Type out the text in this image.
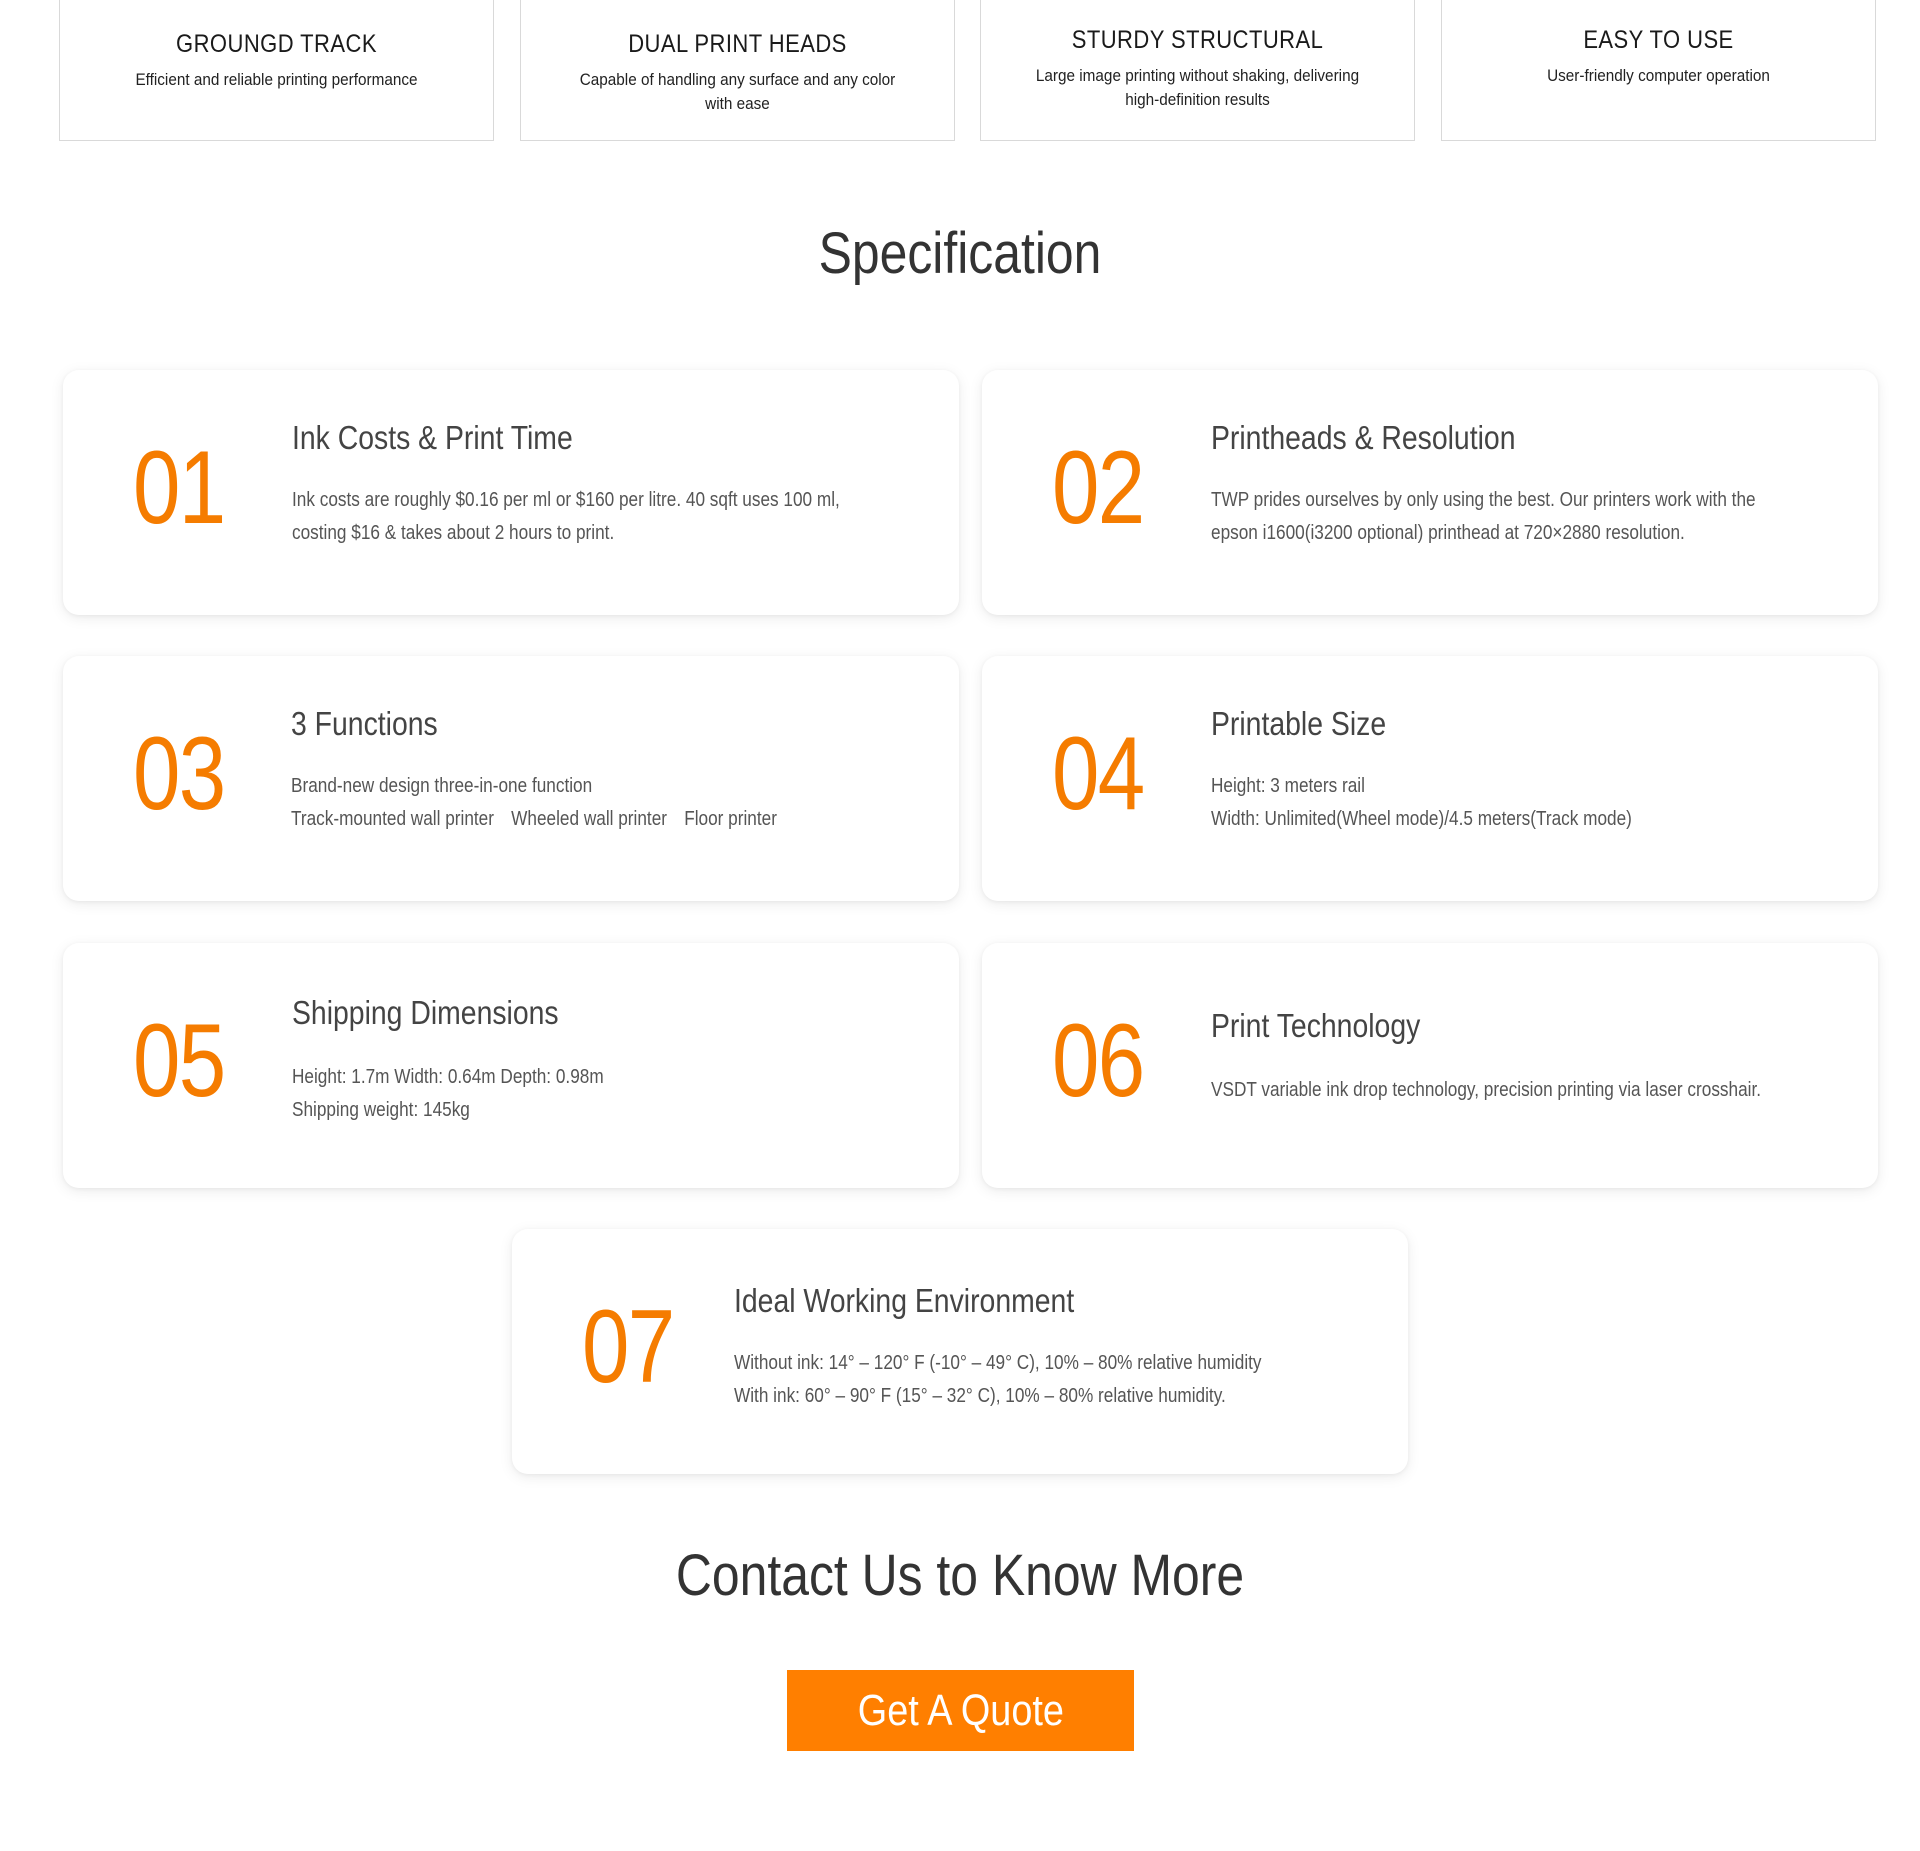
GROUNGD TRACK
Efficient and reliable printing performance
DUAL PRINT HEADS
Capable of handling any surface and any color with ease
STURDY STRUCTURAL
Large image printing without shaking, delivering high-definition results
EASY TO USE
User-friendly computer operation
Specification
01 Ink Costs & Print Time
Ink costs are roughly $0.16 per ml or $160 per litre. 40 sqft uses 100 ml,
costing $16 & takes about 2 hours to print.	02 Printheads & Resolution
TWP prides ourselves by only using the best. Our printers work with the
epson i1600(i3200 optional) printhead at 720×2880 resolution.
03 3 Functions
Brand-new design three-in-one function
Track-mounted wall printer Wheeled wall printer Floor printer	04 Printable Size
Height: 3 meters rail
Width: Unlimited(Wheel mode)/4.5 meters(Track mode)
05 Shipping Dimensions
Height: 1.7m Width: 0.64m Depth: 0.98m
Shipping weight: 145kg	06 Print Technology
VSDT variable ink drop technology, precision printing via laser crosshair.
07 Ideal Working Environment
Without ink: 14° – 120° F (-10° – 49° C), 10% – 80% relative humidity
With ink: 60° – 90° F (15° – 32° C), 10% – 80% relative humidity.
Contact Us to Know More
Get A Quote
